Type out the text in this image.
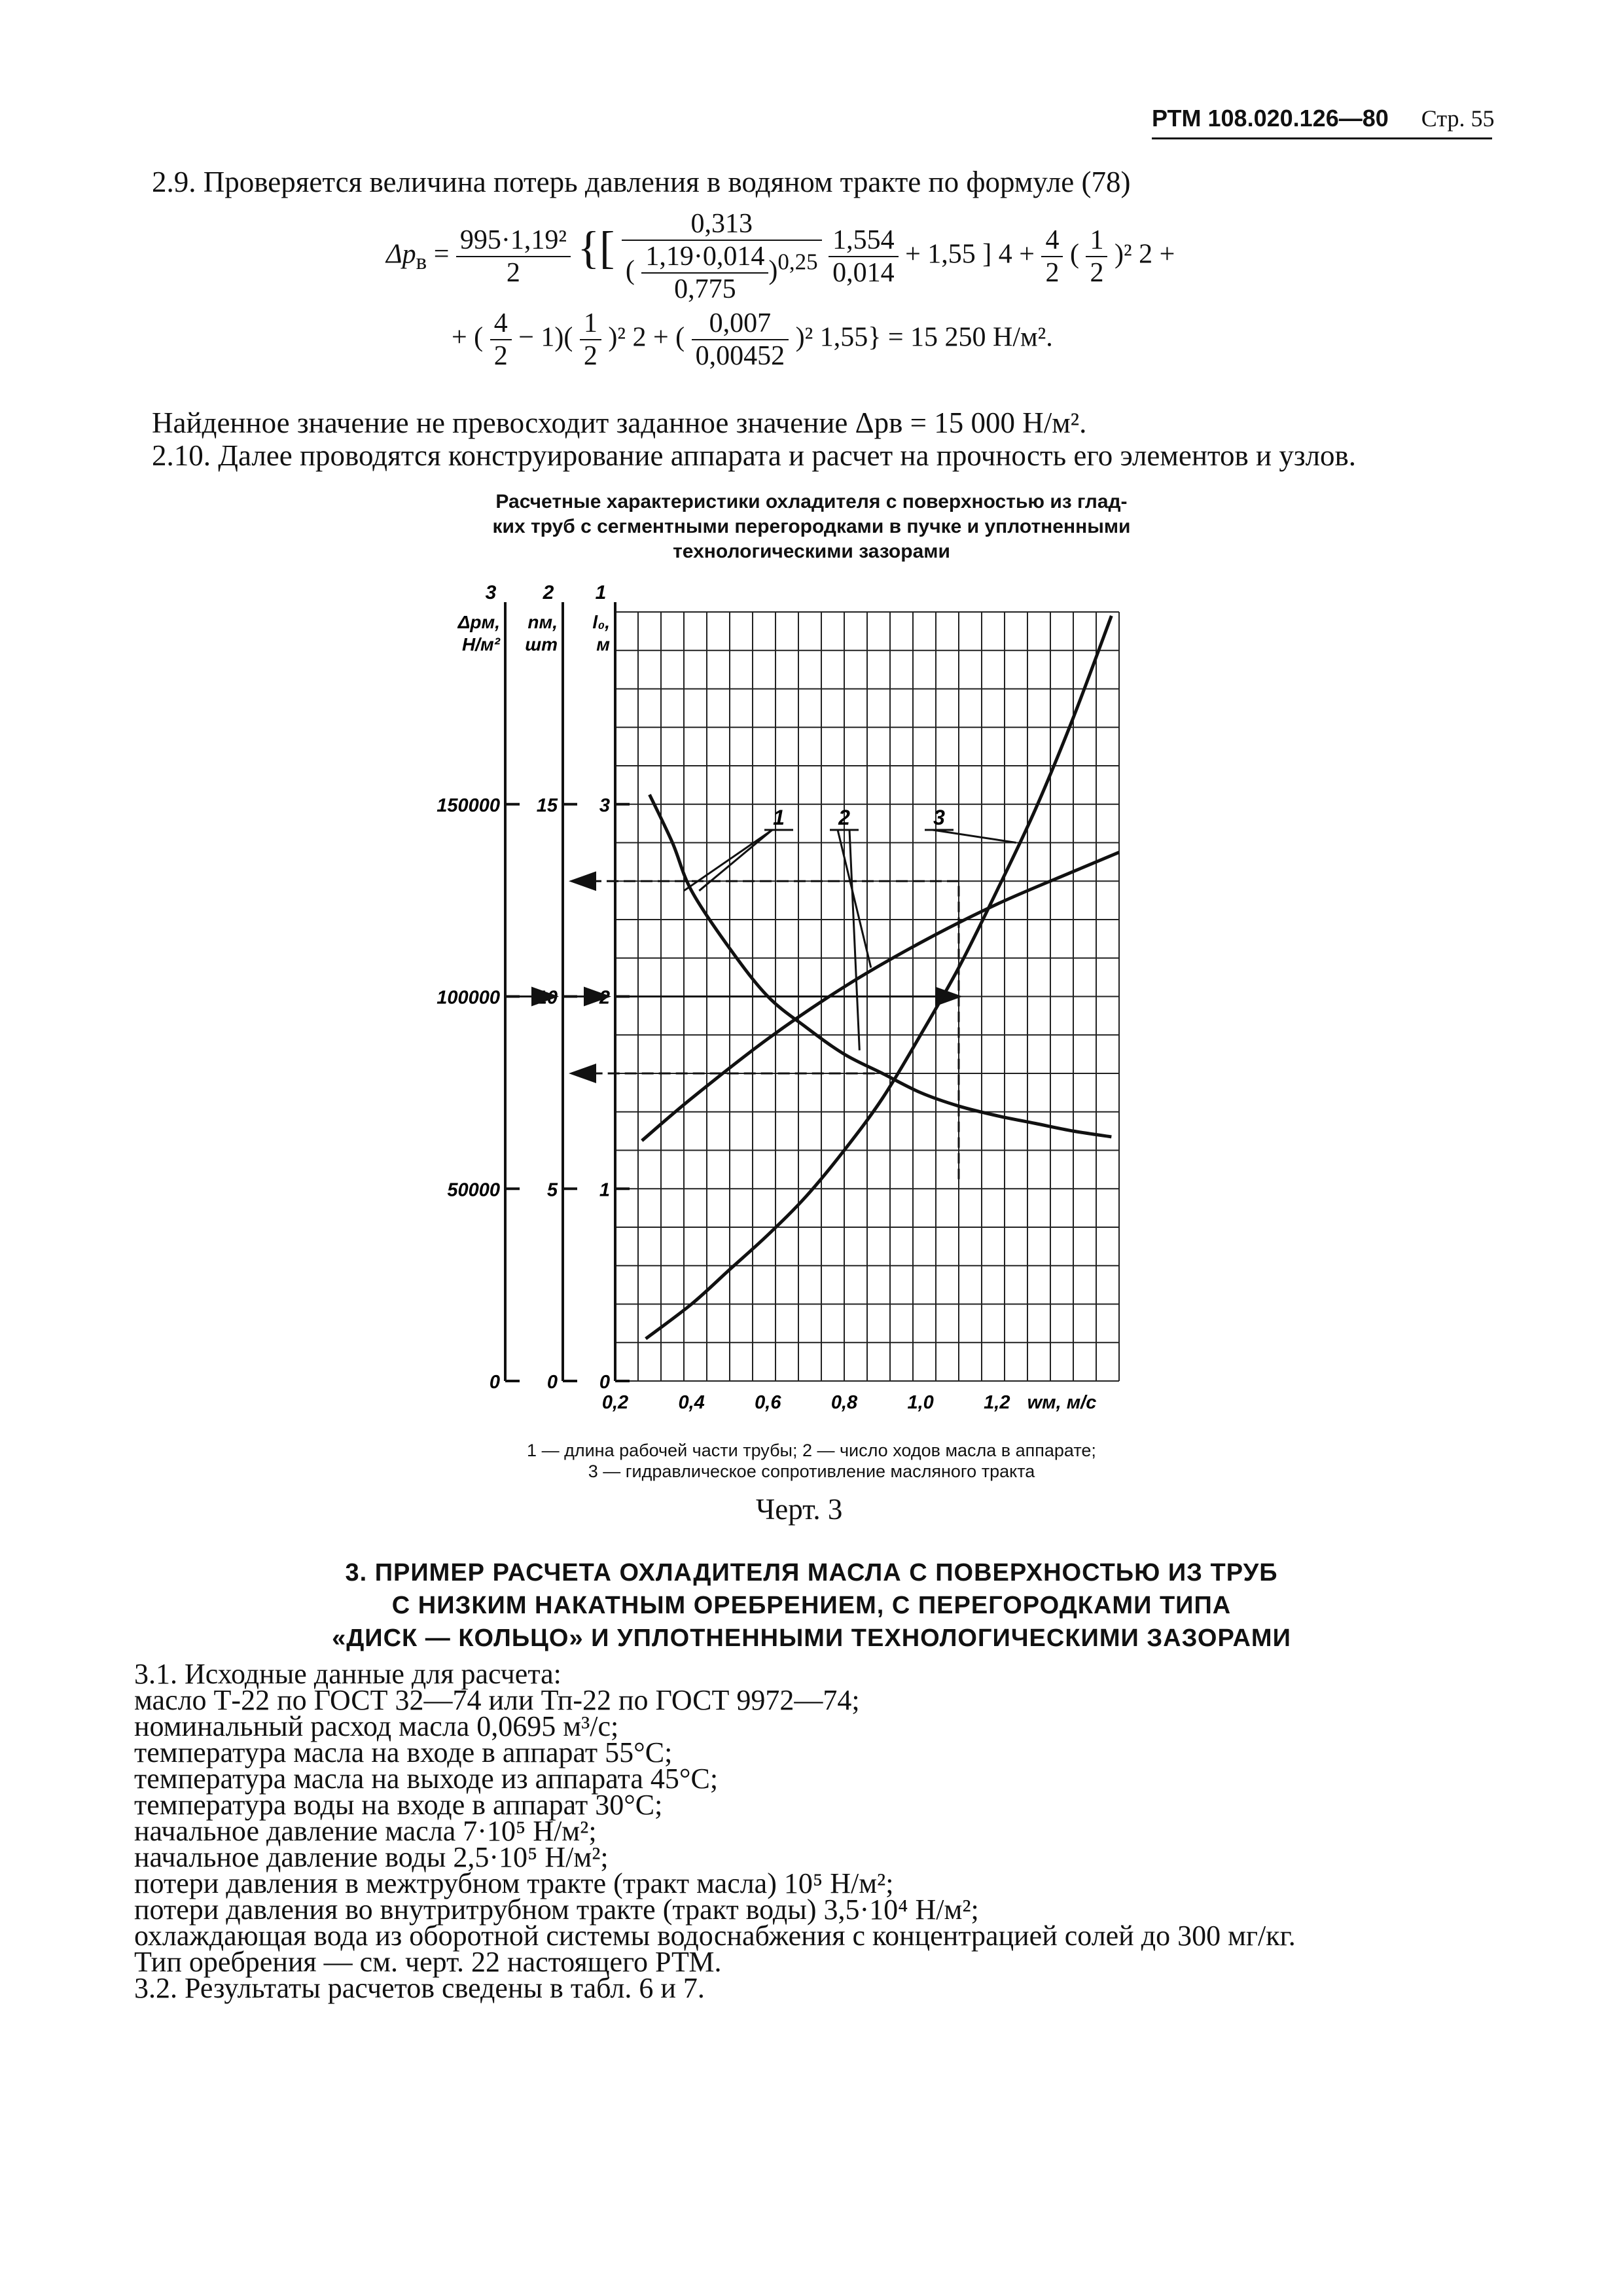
РТМ 108.020.126—80 Стр. 55
2.9. Проверяется величина потерь давления в водяном тракте по формуле (78)
$\Delta p_в = \frac{\text{995·1,19²}}{2}$ {[ $\frac{0,313}{( \frac{1,19\cdot 0,014}{0,775} )^{0,25}}$
$\frac{1,554}{0,014} + 1,55$ ] $4 + \frac{4}{2}$ ( $\frac{1}{2} )^2$ 2 +
+ ( $\frac{4}{2} - 1)( \frac{1}{2} )^2$ 2 + ( $\frac{0,007}{0,00452} )^2$ 1,55} = 15 250 Н/м².
Найденное значение не превосходит заданное значение Δpв = 15 000 Н/м².
2.10. Далее проводятся конструирование аппарата и расчет на прочность его элементов и узлов.
Расчетные характеристики охладителя с поверхностью из глад-
ких труб с сегментными перегородками в пучке и уплотненными
технологическими зазорами
3
Δpм,
Н/м²
0
50000
100000
150000
2
nм,
шт
0
5
10
15
1
l₀,
м
0
1
2
3
0,2	0,4	0,6	0,8	1,0	1,2 wм, м/с
1	2	3
1 — длина рабочей части трубы; 2 — число ходов масла в аппарате;
3 — гидравлическое сопротивление масляного тракта
Черт. 3
3. ПРИМЕР РАСЧЕТА ОХЛАДИТЕЛЯ МАСЛА С ПОВЕРХНОСТЬЮ ИЗ ТРУБ
С НИЗКИМ НАКАТНЫМ ОРЕБРЕНИЕМ, С ПЕРЕГОРОДКАМИ ТИПА
«ДИСК — КОЛЬЦО» И УПЛОТНЕННЫМИ ТЕХНОЛОГИЧЕСКИМИ ЗАЗОРАМИ
3.1. Исходные данные для расчета:
масло Т-22 по ГОСТ 32—74 или Тп-22 по ГОСТ 9972—74;
номинальный расход масла 0,0695 м³/с;
температура масла на входе в аппарат 55°С;
температура масла на выходе из аппарата 45°С;
температура воды на входе в аппарат 30°С;
начальное давление масла 7·10⁵ Н/м²;
начальное давление воды 2,5·10⁵ Н/м²;
потери давления в межтрубном тракте (тракт масла) 10⁵ Н/м²;
потери давления во внутритрубном тракте (тракт воды) 3,5·10⁴ Н/м²;
охлаждающая вода из оборотной системы водоснабжения с концентрацией солей до 300 мг/кг.
Тип оребрения — см. черт. 22 настоящего РТМ.
3.2. Результаты расчетов сведены в табл. 6 и 7.
